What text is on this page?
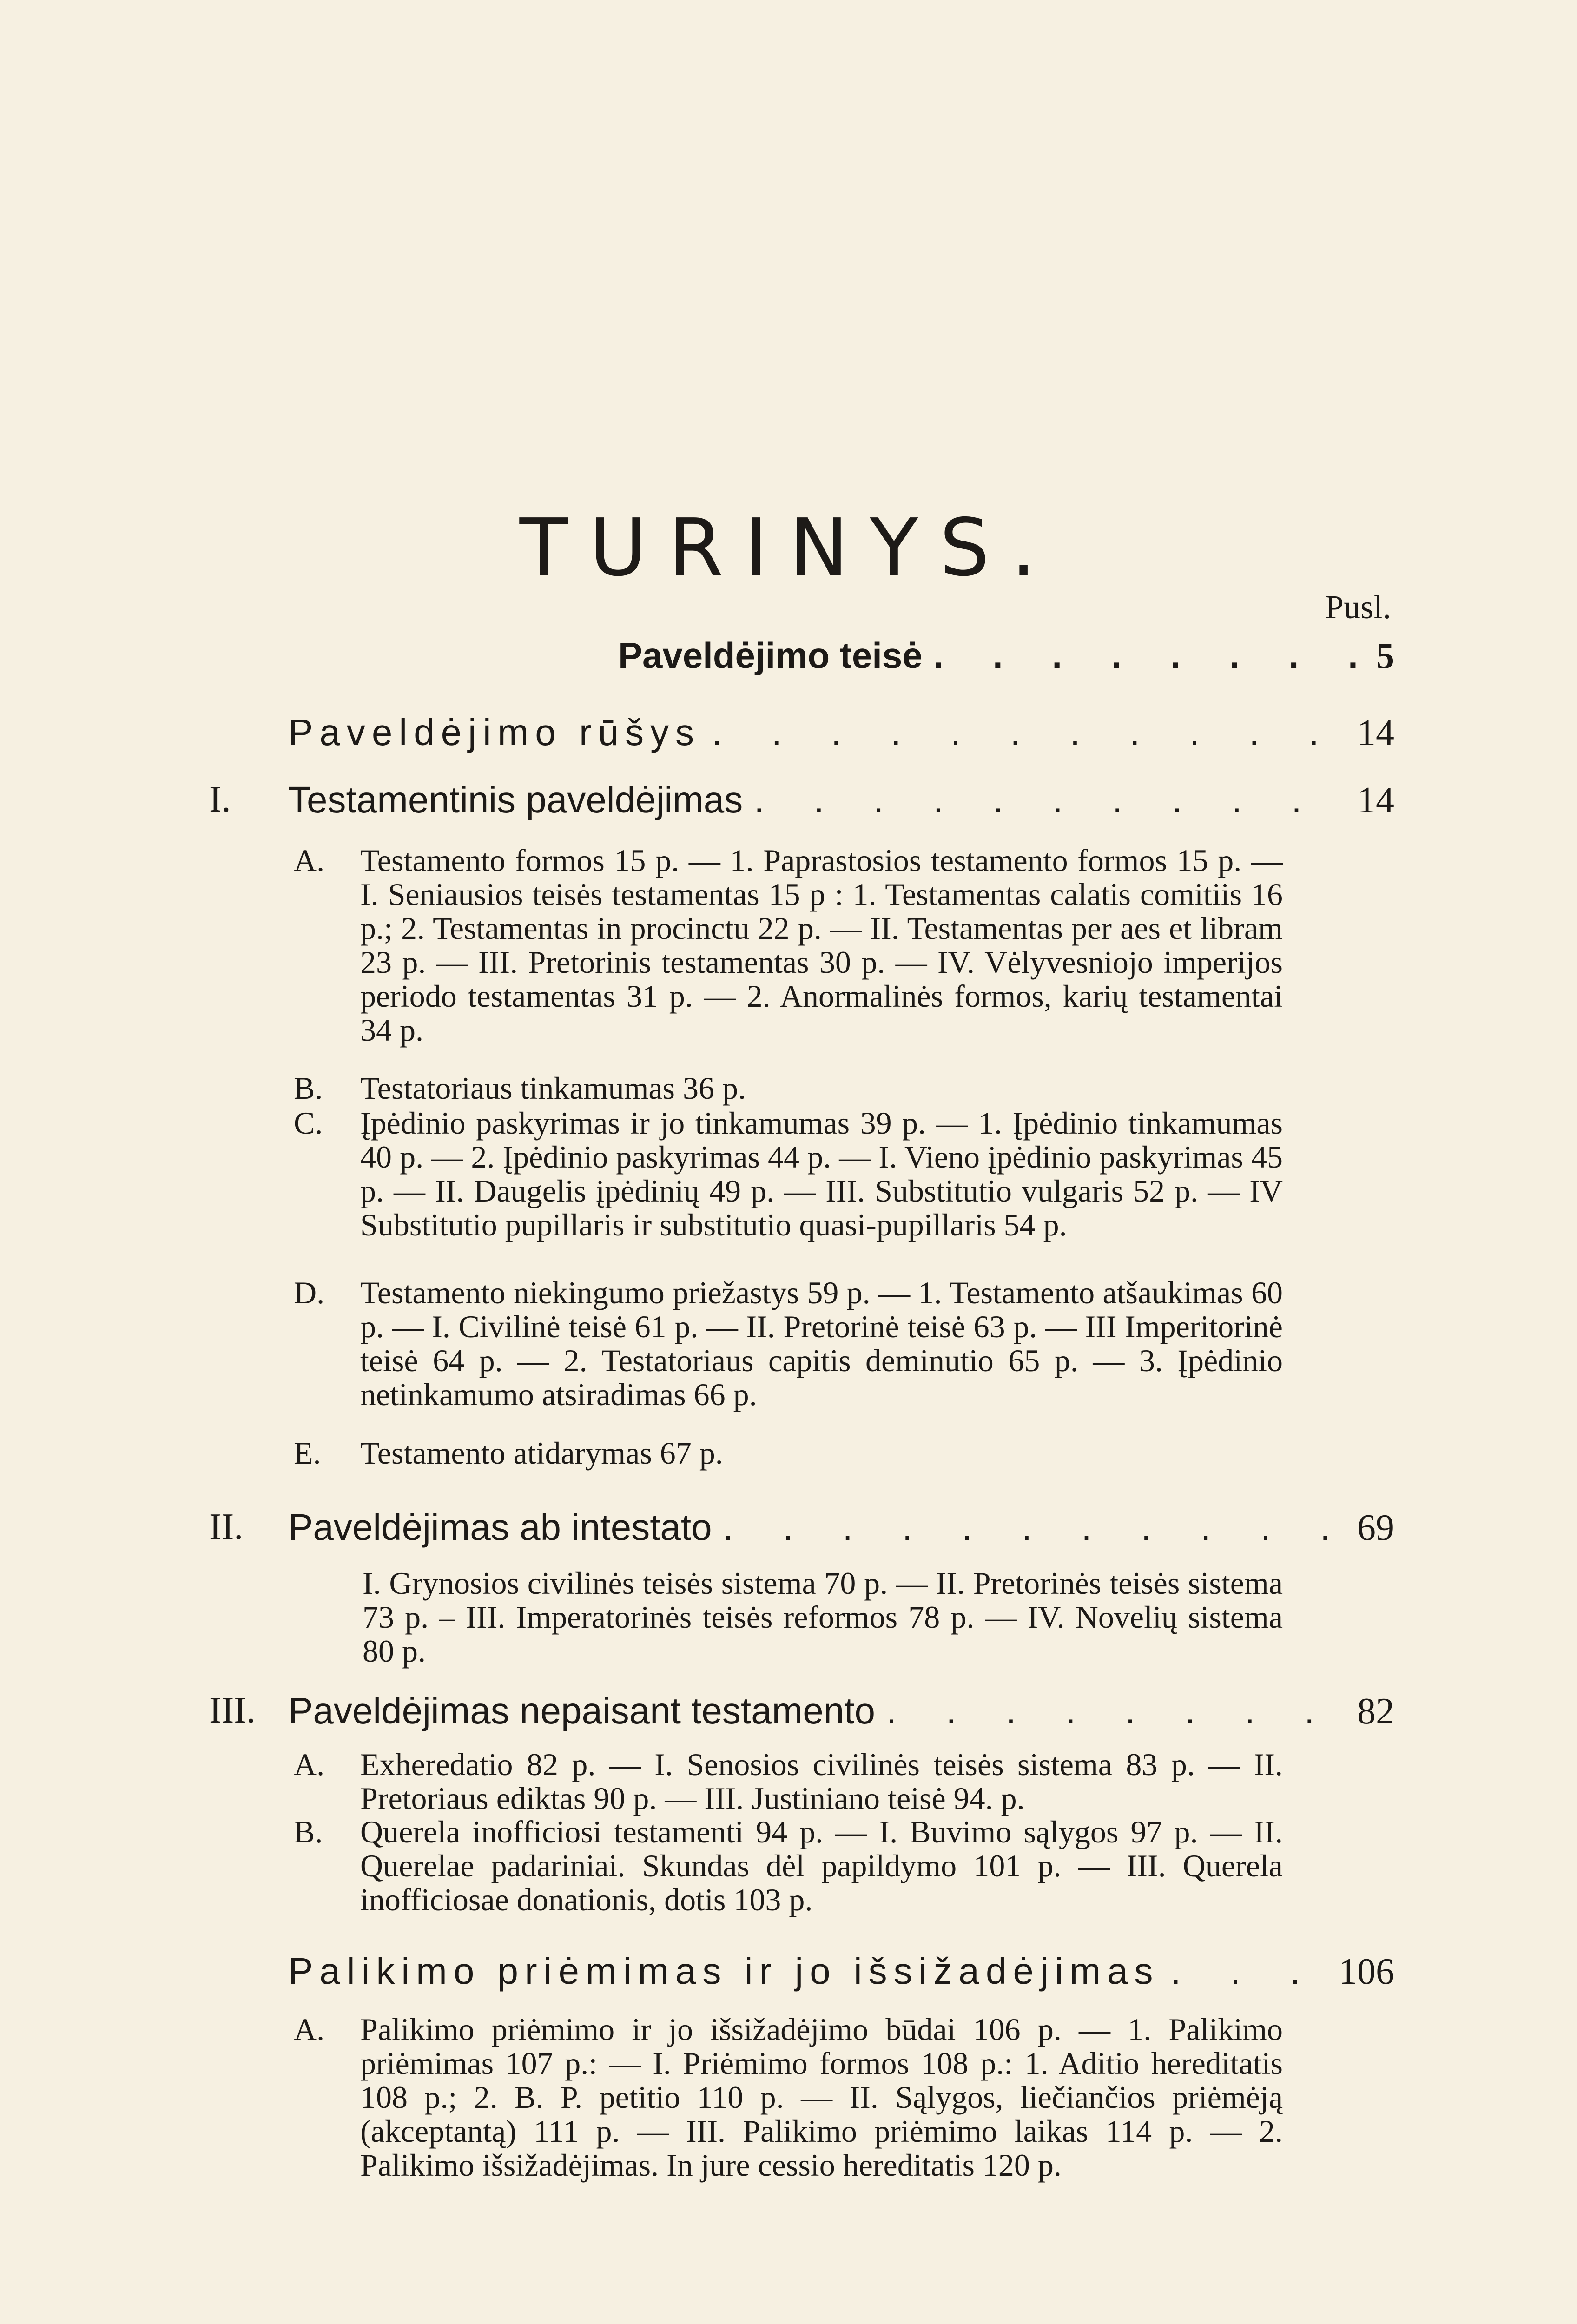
TURINYS.
Pusl.
Paveldėjimo teisė . . .	5
Paveldėjimo rūšys . . .	14
I. Testamentinis paveldėjimas . . .	14
A.	Testamento formos 15 p. — 1. Paprastosios testamento formos 15 p. — I. Seniausios teisės testamentas 15 p : 1. Testamentas calatis comitiis 16 p.; 2. Testamentas in procinctu 22 p. — II. Testamentas per aes et libram 23 p. — III. Pretorinis testamentas 30 p. — IV. Vėlyvesniojo imperijos periodo testamentas 31 p. — 2. Anormalinės formos, karių testamentai 34 p.

B.	Testatoriaus tinkamumas 36 p.

C.	Įpėdinio paskyrimas ir jo tinkamumas 39 p. — 1. Įpėdinio tinkamumas 40 p. — 2. Įpėdinio paskyrimas 44 p. — I. Vieno įpėdinio paskyrimas 45 p. — II. Daugelis įpėdinių 49 p. — III. Substitutio vulgaris 52 p. — IV Substitutio pupillaris ir substitutio quasi-pupillaris 54 p.

D.	Testamento niekingumo priežastys 59 p. — 1. Testamento atšaukimas 60 p. — I. Civilinė teisė 61 p. — II. Pretorinė teisė 63 p. — III Imperitorinė teisė 64 p. — 2. Testatoriaus capitis deminutio 65 p. — 3. Įpėdinio netinkamumo atsiradimas 66 p.

E.	Testamento atidarymas 67 p.

II. Paveldėjimas ab intestato . . .	69

I. Grynosios civilinės teisės sistema 70 p. — II. Pretorinės teisės sistema 73 p. – III. Imperatorinės teisės reformos 78 p. — IV. Novelių sistema 80 p.

III. Paveldėjimas nepaisant testamento . . .	82
A.	Exheredatio 82 p. — I. Senosios civilinės teisės sistema 83 p. — II. Pretoriaus ediktas 90 p. — III. Justiniano teisė 94. p.

B.	Querela inofficiosi testamenti 94 p. — I. Buvimo sąlygos 97 p. — II. Querelae padariniai. Skundas dėl papildymo 101 p. — III. Querela inofficiosae donationis, dotis 103 p.

Palikimo priėmimas ir jo išsižadėjimas . . .	106
A.	Palikimo priėmimo ir jo išsižadėjimo būdai 106 p. — 1. Palikimo priėmimas 107 p.: — I. Priėmimo formos 108 p.: 1. Aditio hereditatis 108 p.; 2. B. P. petitio 110 p. — II. Sąlygos, liečiančios priėmėją (akceptantą) 111 p. — III. Palikimo priėmimo laikas 114 p. — 2. Palikimo išsižadėjimas. In jure cessio hereditatis 120 p.
